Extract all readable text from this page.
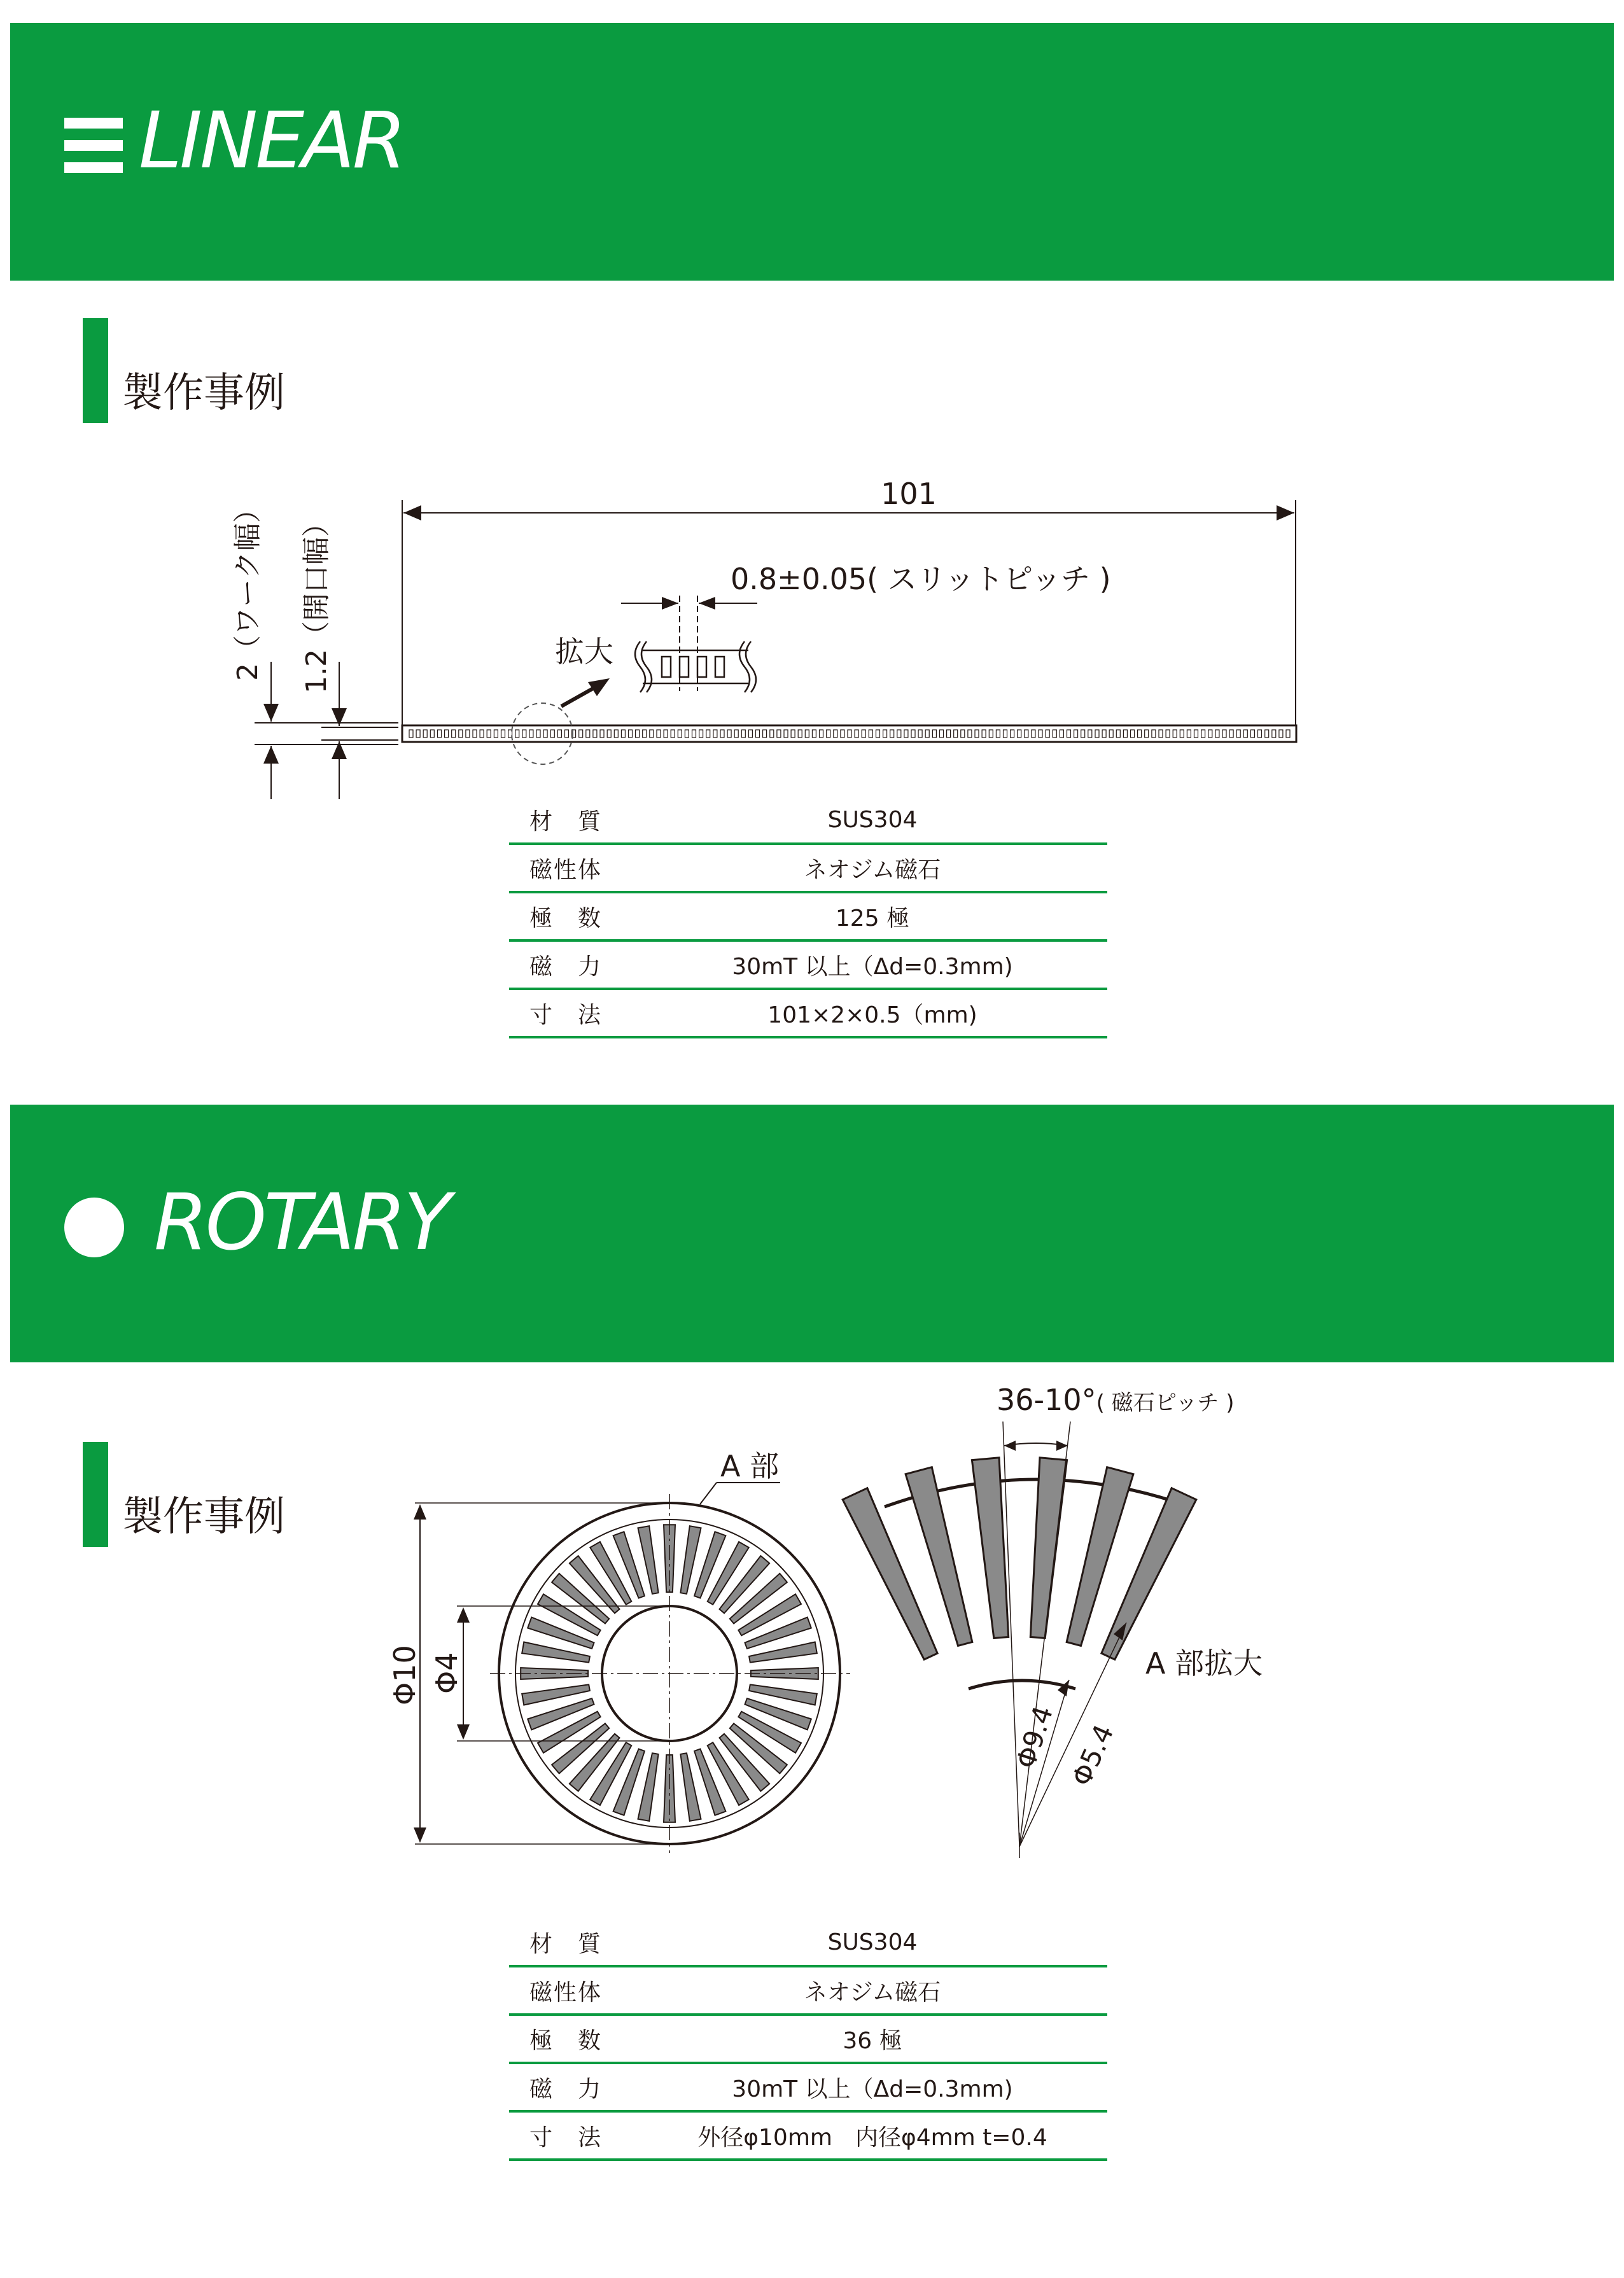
LINEAR
製作事例
101
拡大
0.8±0.05( スリットピッチ )
2（ワーク幅） 1.2（開口幅）
材　質	SUS304
磁性体	ネオジム磁石
極　数	125 極
磁　力	30mT 以上（Δd=0.3mm)
寸　法	101×2×0.5（mm)
ROTARY
製作事例
Φ10 Φ4
A 部
36-10°( 磁石ピッチ )
A 部拡大
Φ9.4 Φ5.4
材　質	SUS304
磁性体	ネオジム磁石
極　数	36 極
磁　力	30mT 以上（Δd=0.3mm)
寸　法	外径φ10mm　内径φ4mm t=0.4
